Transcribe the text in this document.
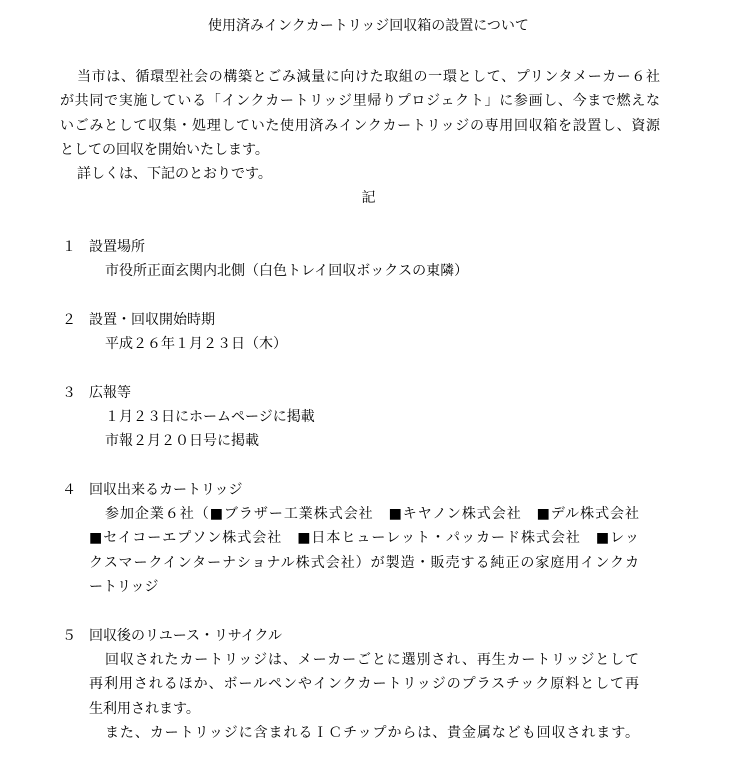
使用済みインクカートリッジ回収箱の設置について
当市は、循環型社会の構築とごみ減量に向けた取組の一環として、プリンタメーカー６社
が共同で実施している「インクカートリッジ里帰りプロジェクト」に参画し、今まで燃えな
いごみとして収集・処理していた使用済みインクカートリッジの専用回収箱を設置し、資源
としての回収を開始いたします。
詳しくは、下記のとおりです。
記
１ 設置場所
市役所正面玄関内北側（白色トレイ回収ボックスの東隣）
２ 設置・回収開始時期
平成２６年１月２３日（木）
３ 広報等
１月２３日にホームページに掲載
市報２月２０日号に掲載
４ 回収出来るカートリッジ
参加企業６社（■ブラザー工業株式会社　■キヤノン株式会社　■デル株式会社
■セイコーエプソン株式会社　■日本ヒューレット・パッカード株式会社　■レッ
クスマークインターナショナル株式会社）が製造・販売する純正の家庭用インクカ
ートリッジ
５ 回収後のリユース・リサイクル
回収されたカートリッジは、メーカーごとに選別され、再生カートリッジとして
再利用されるほか、ボールペンやインクカートリッジのプラスチック原料として再
生利用されます。
また、カートリッジに含まれるＩＣチップからは、貴金属なども回収されます。
